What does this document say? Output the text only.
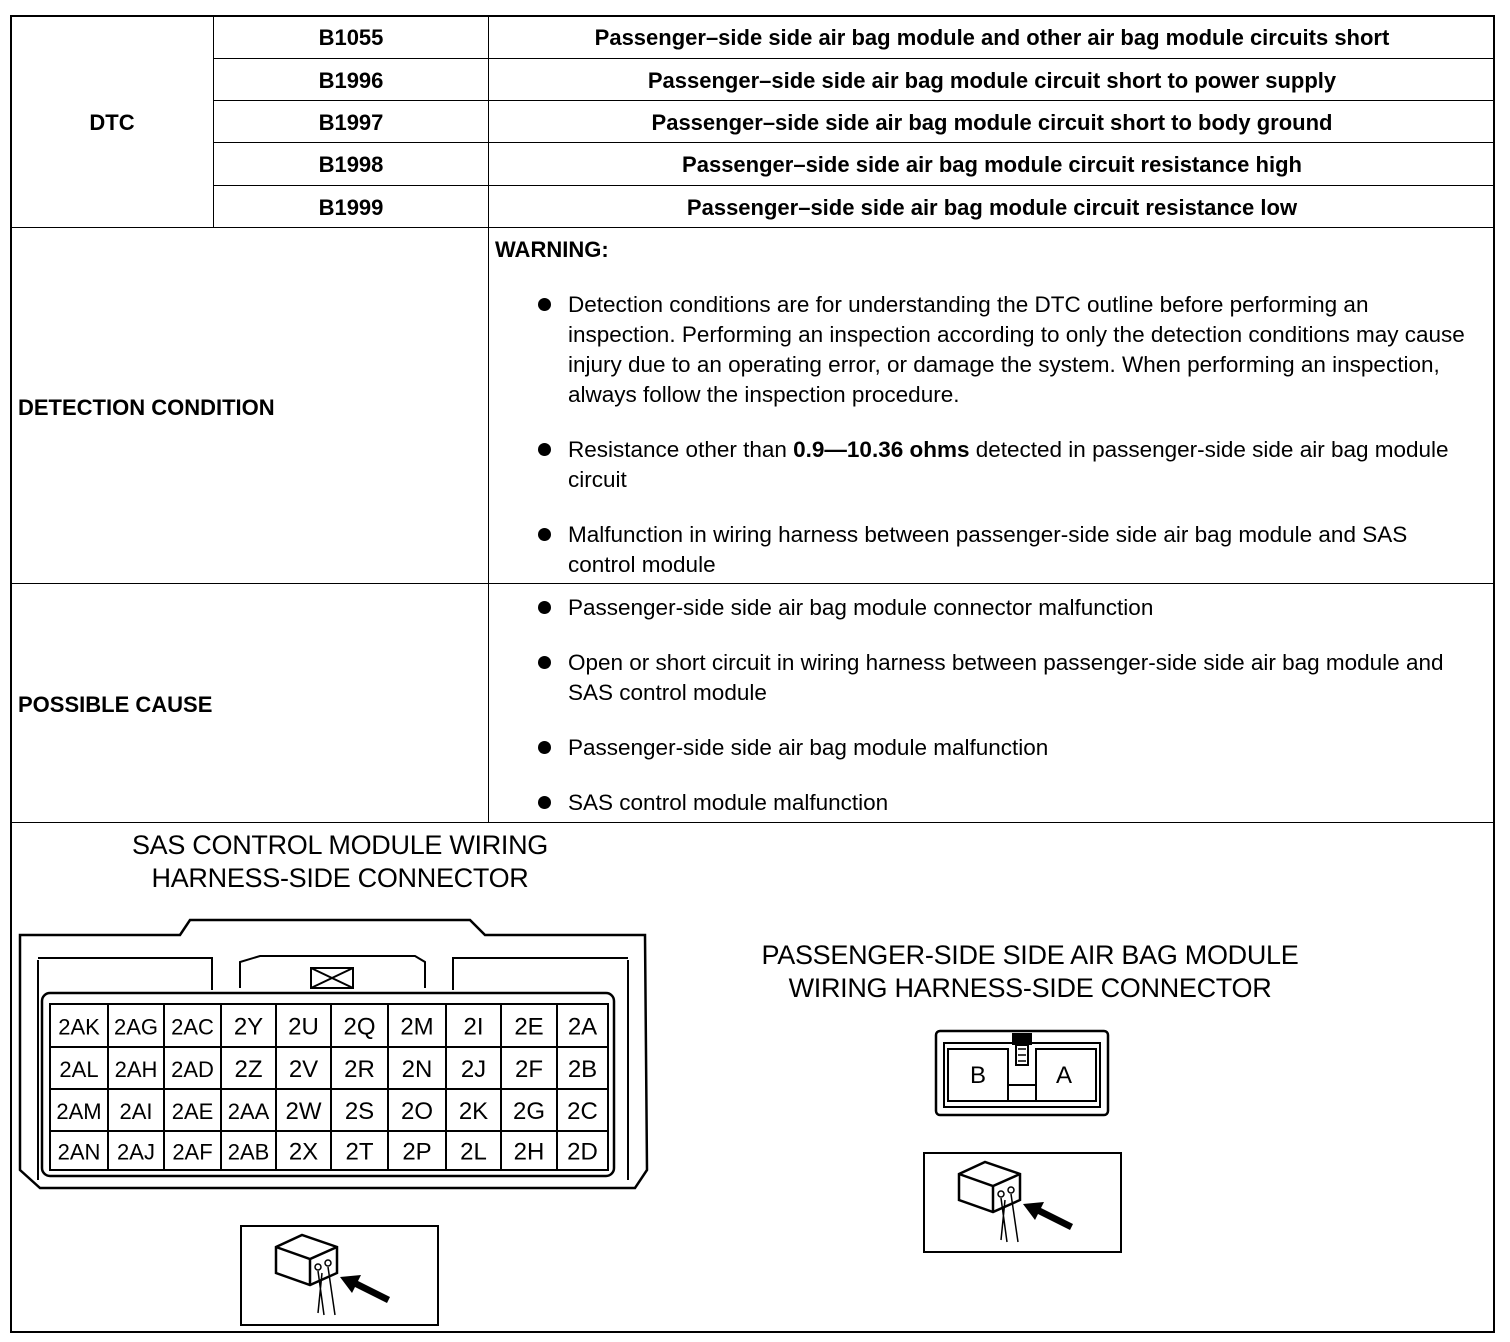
DTC
B1055
B1996
B1997
B1998
B1999
Passenger–side side air bag module and other air bag module circuits short
Passenger–side side air bag module circuit short to power supply
Passenger–side side air bag module circuit short to body ground
Passenger–side side air bag module circuit resistance high
Passenger–side side air bag module circuit resistance low
DETECTION CONDITION
WARNING:
Detection conditions are for understanding the DTC outline before performing an inspection. Performing an inspection according to only the detection conditions may cause injury due to an operating error, or damage the system. When performing an inspection, always follow the inspection procedure.
Resistance other than 0.9—10.36 ohms detected in passenger-side side air bag module circuit
Malfunction in wiring harness between passenger-side side air bag module and SAS control module
POSSIBLE CAUSE
Passenger-side side air bag module connector malfunction
Open or short circuit in wiring harness between passenger-side side air bag module and SAS control module
Passenger-side side air bag module malfunction
SAS control module malfunction
SAS CONTROL MODULE WIRING
HARNESS-SIDE CONNECTOR
2AK 2AG 2AC 2Y 2U 2Q 2M 2I 2E 2A
2AL 2AH 2AD 2Z 2V 2R 2N 2J 2F 2B
2AM 2AI 2AE 2AA 2W 2S 2O 2K 2G 2C
2AN 2AJ 2AF 2AB 2X 2T 2P 2L 2H 2D
PASSENGER-SIDE SIDE AIR BAG MODULE
WIRING HARNESS-SIDE CONNECTOR
B	A
